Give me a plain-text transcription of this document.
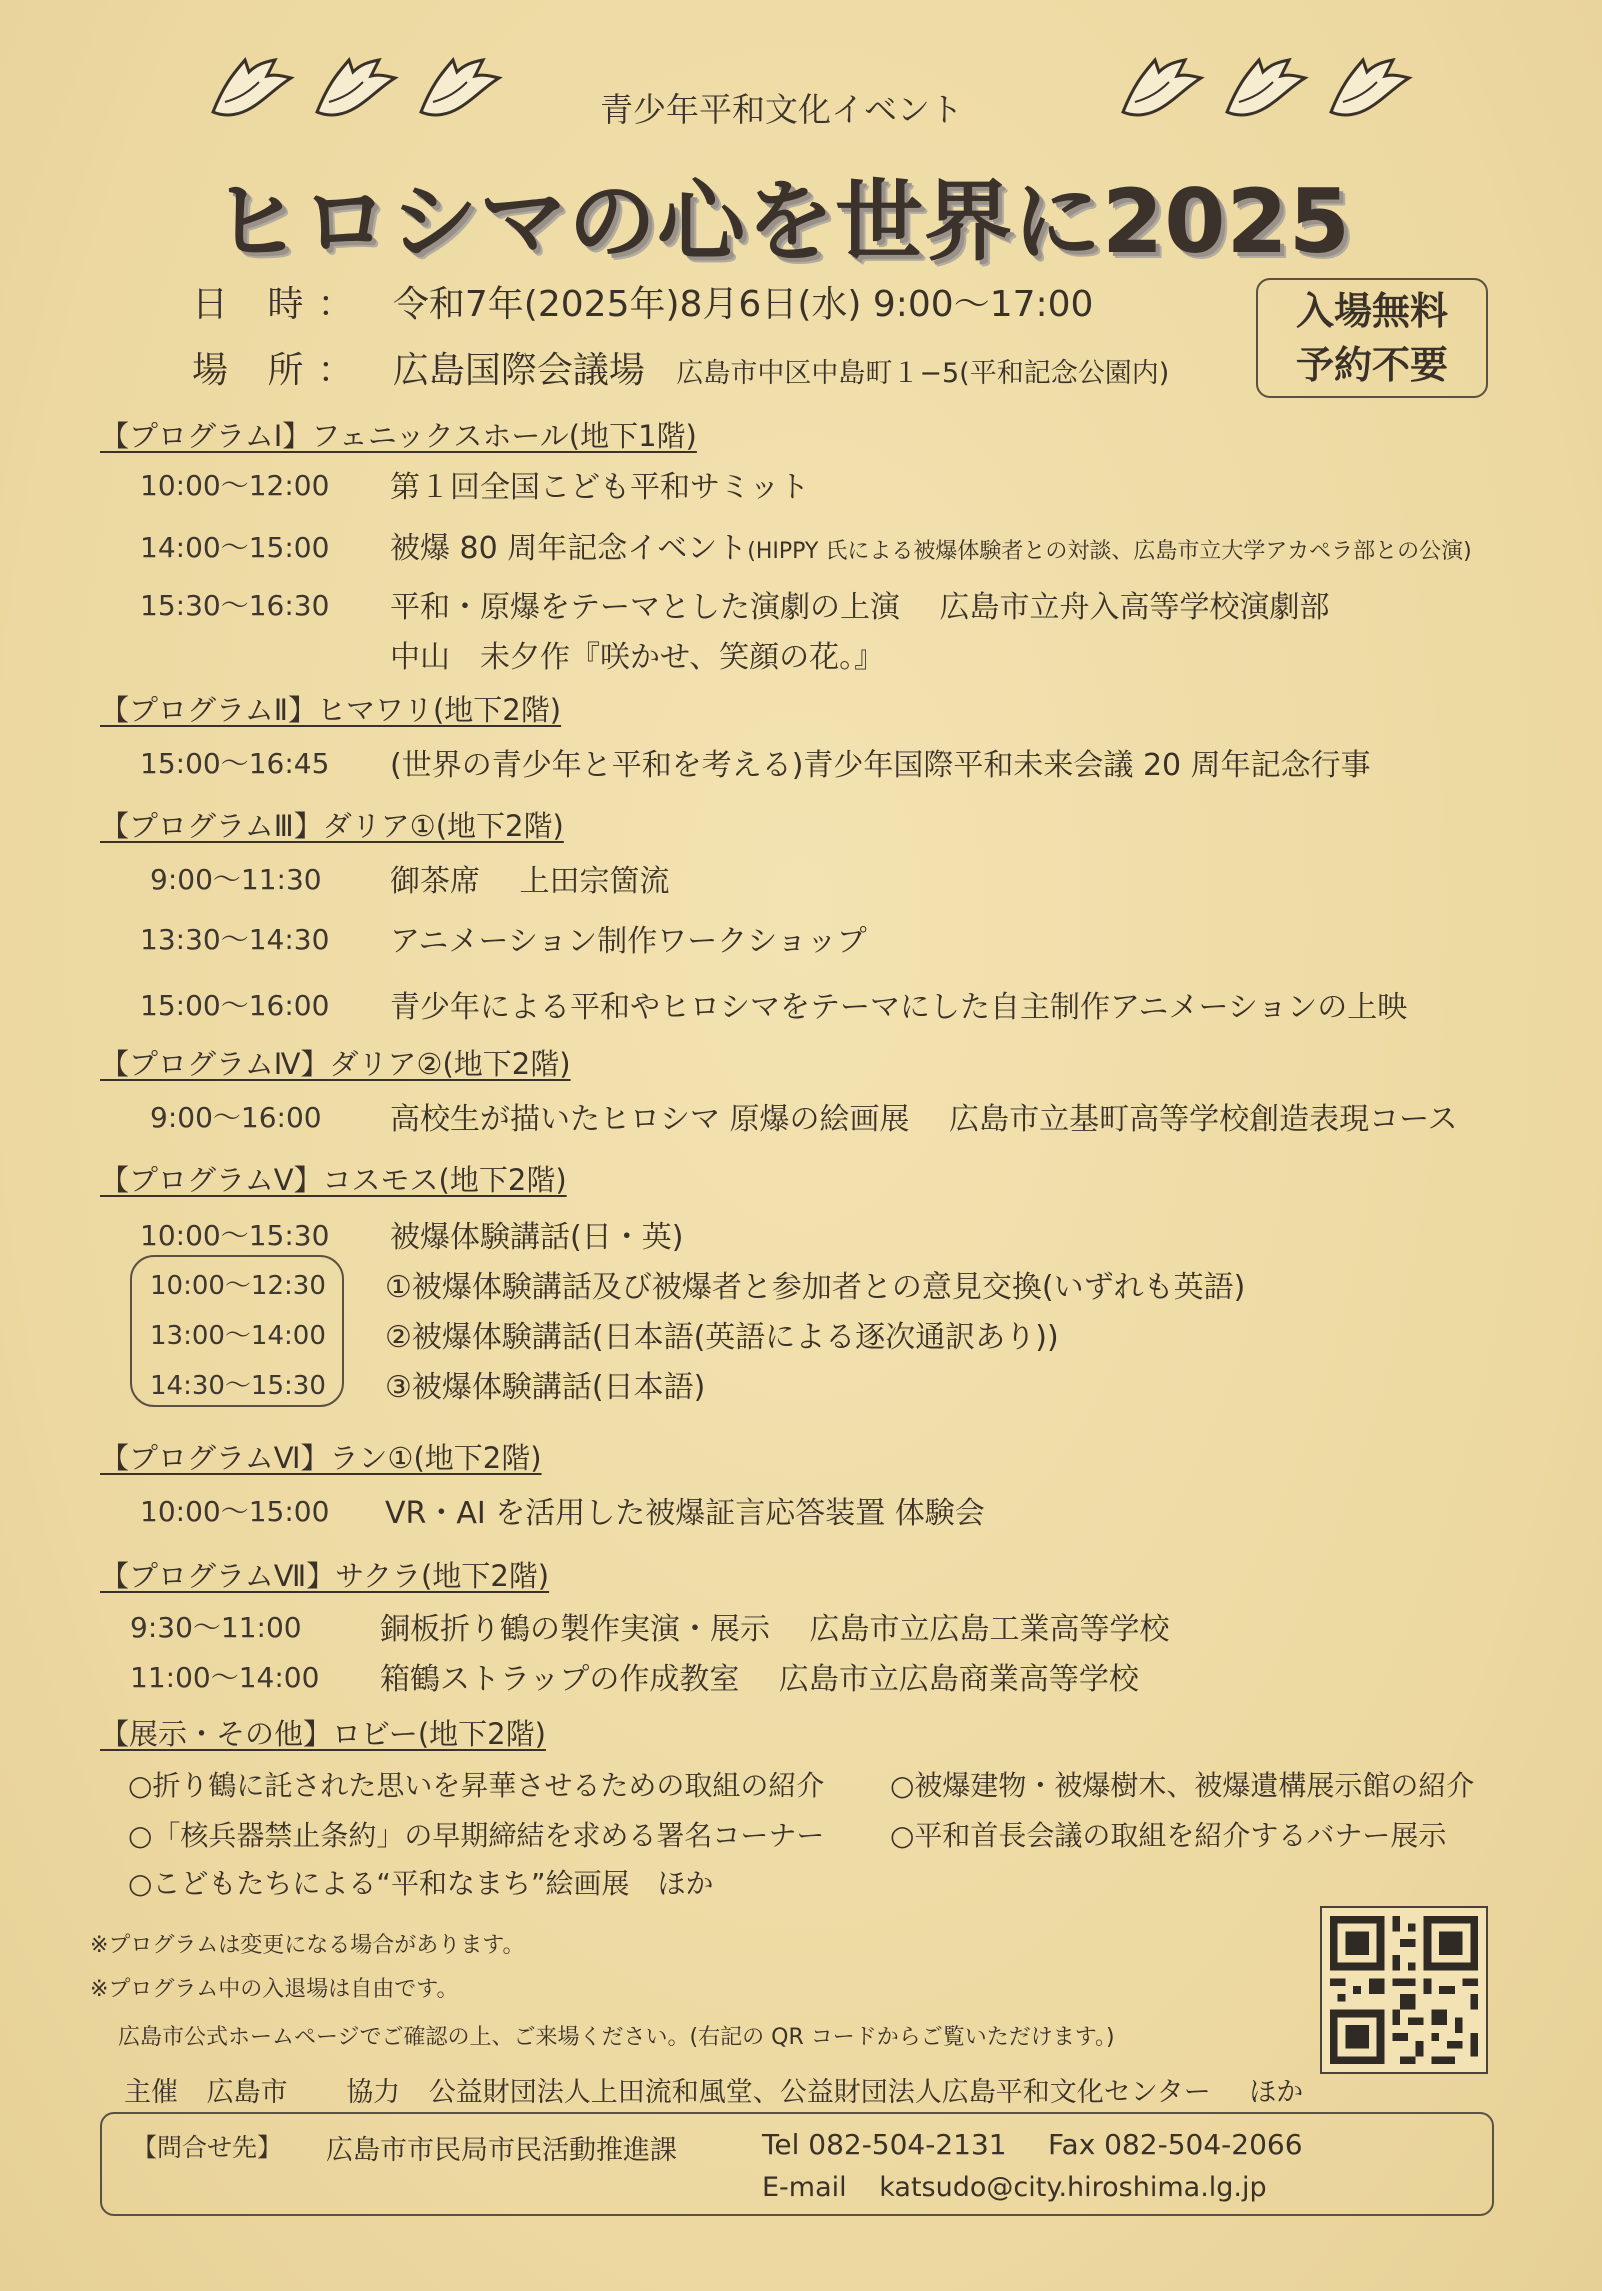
青少年平和文化イベント
ヒロシマの心を世界に2025
日 時： 令和7年(2025年)8月6日(水) 9:00～17:00
場 所： 広島国際会議場 広島市中区中島町１−5(平和記念公園内)
入場無料
予約不要
【プログラムⅠ】フェニックスホール(地下1階)
10:00～12:00 第１回全国こども平和サミット
14:00～15:00 被爆 80 周年記念イベント(HIPPY 氏による被爆体験者との対談、広島市立大学アカペラ部との公演)
15:30～16:30 平和・原爆をテーマとした演劇の上演　 広島市立舟入高等学校演劇部
中山　未夕作『咲かせ、笑顔の花。』
【プログラムⅡ】ヒマワリ(地下2階)
15:00～16:45 (世界の青少年と平和を考える)青少年国際平和未来会議 20 周年記念行事
【プログラムⅢ】ダリア①(地下2階)
9:00～11:30 御茶席　 上田宗箇流
13:30～14:30 アニメーション制作ワークショップ
15:00～16:00 青少年による平和やヒロシマをテーマにした自主制作アニメーションの上映
【プログラムⅣ】ダリア②(地下2階)
9:00～16:00 高校生が描いたヒロシマ 原爆の絵画展　 広島市立基町高等学校創造表現コース
【プログラムⅤ】コスモス(地下2階)
10:00～15:30 被爆体験講話(日・英)
10:00～12:30 ①被爆体験講話及び被爆者と参加者との意見交換(いずれも英語)
13:00～14:00 ②被爆体験講話(日本語(英語による逐次通訳あり))
14:30～15:30 ③被爆体験講話(日本語)
【プログラムⅥ】ラン①(地下2階)
10:00～15:00 VR・AI を活用した被爆証言応答装置 体験会
【プログラムⅦ】サクラ(地下2階)
9:30～11:00	銅板折り鶴の製作実演・展示　 広島市立広島工業高等学校
11:00～14:00 箱鶴ストラップの作成教室　 広島市立広島商業高等学校
【展示・その他】ロビー(地下2階)
○折り鶴に託された思いを昇華させるための取組の紹介 ○被爆建物・被爆樹木、被爆遺構展示館の紹介
○「核兵器禁止条約」の早期締結を求める署名コーナー ○平和首長会議の取組を紹介するバナー展示
○こどもたちによる“平和なまち”絵画展　ほか
※プログラムは変更になる場合があります。
※プログラム中の入退場は自由です。
広島市公式ホームページでご確認の上、ご来場ください。(右記の QR コードからご覧いただけます。)
主催 広島市 協力 公益財団法人上田流和風堂、公益財団法人広島平和文化センター ほか
【問合せ先】 広島市市民局市民活動推進課	Tel 082-504-2131 Fax 082-504-2066
E-mail katsudo@city.hiroshima.lg.jp
